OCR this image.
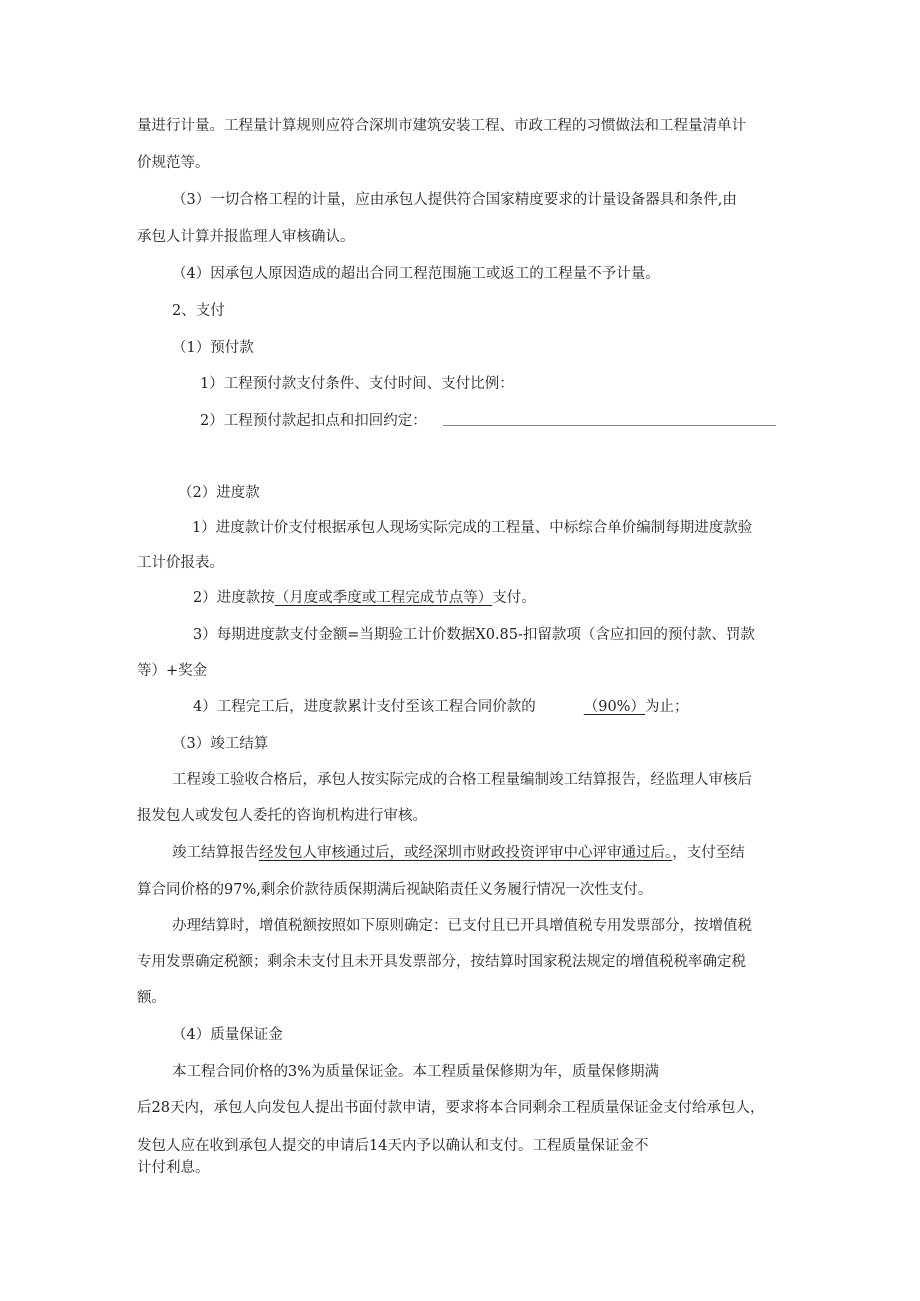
量进行计量。工程量计算规则应符合深圳市建筑安装工程、市政工程的习惯做法和工程量清单计

价规范等。

（3）一切合格工程的计量，应由承包人提供符合国家精度要求的计量设备器具和条件,由

承包人计算并报监理人审核确认。

（4）因承包人原因造成的超出合同工程范围施工或返工的工程量不予计量。

2、支付

（1）预付款

1）工程预付款支付条件、支付时间、支付比例：

2）工程预付款起扣点和扣回约定：

（2）进度款

1）进度款计价支付根据承包人现场实际完成的工程量、中标综合单价编制每期进度款验

工计价报表。

2）进度款按（月度或季度或工程完成节点等）支付。

3）每期进度款支付金额=当期验工计价数据X0.85-扣留款项（含应扣回的预付款、罚款

等）+奖金

4）工程完工后，进度款累计支付至该工程合同价款的	（90%）为止；

（3）竣工结算

工程竣工验收合格后，承包人按实际完成的合格工程量编制竣工结算报告，经监理人审核后

报发包人或发包人委托的咨询机构进行审核。

竣工结算报告经发包人审核通过后，或经深圳市财政投资评审中心评审通过后。，支付至结

算合同价格的97%,剩余价款待质保期满后视缺陷责任义务履行情况一次性支付。

办理结算时，增值税额按照如下原则确定：已支付且已开具增值税专用发票部分，按增值税

专用发票确定税额；剩余未支付且未开具发票部分，按结算时国家税法规定的增值税税率确定税

额。

（4）质量保证金

本工程合同价格的3%为质量保证金。本工程质量保修期为年，质量保修期满

后28天内，承包人向发包人提出书面付款申请，要求将本合同剩余工程质量保证金支付给承包人，

发包人应在收到承包人提交的申请后14天内予以确认和支付。工程质量保证金不

计付利息。
